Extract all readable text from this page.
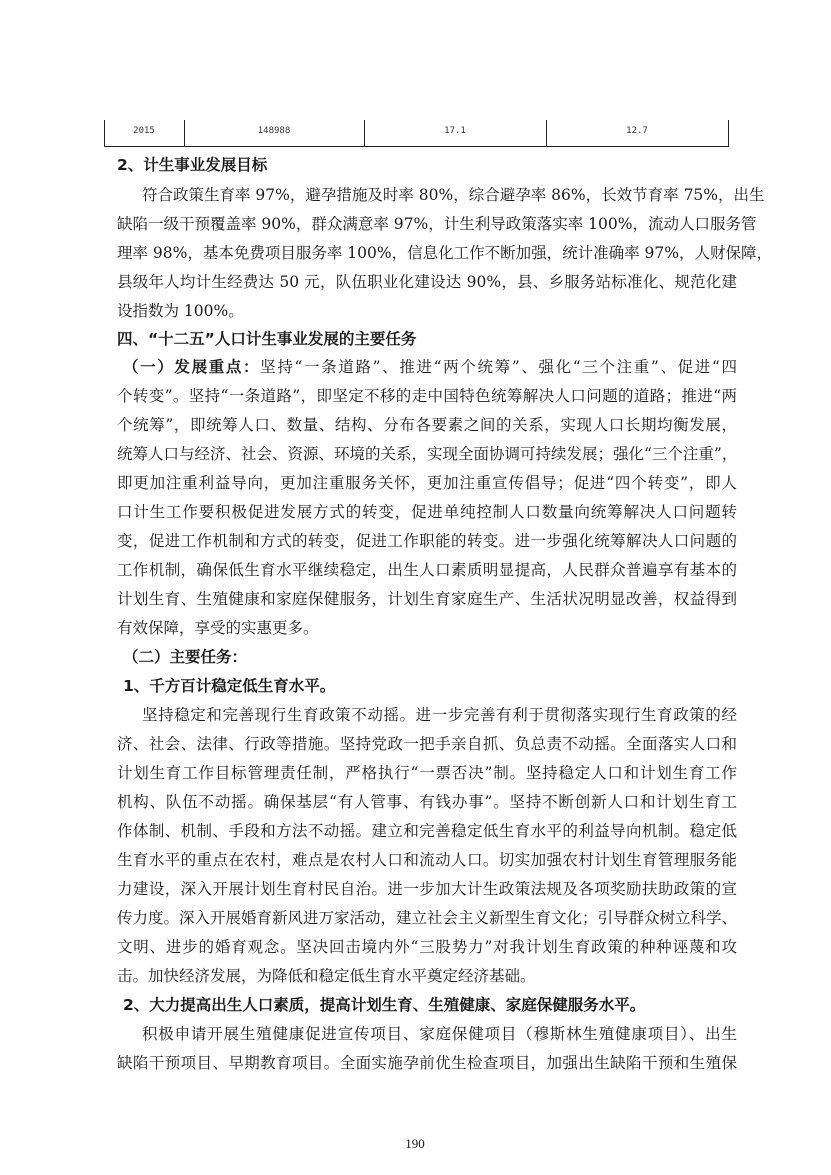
2015	148988	17.1	12.7
2、计生事业发展目标
符合政策生育率 97%，避孕措施及时率 80%，综合避孕率 86%，长效节育率 75%，出生
缺陷一级干预覆盖率 90%，群众满意率 97%，计生利导政策落实率 100%，流动人口服务管
理率 98%，基本免费项目服务率 100%，信息化工作不断加强，统计准确率 97%，人财保障，
县级年人均计生经费达 50 元，队伍职业化建设达 90%，县、乡服务站标准化、规范化建
设指数为 100%。
四、“十二五”人口计生事业发展的主要任务
（一）发展重点：坚持“一条道路”、推进“两个统筹”、强化“三个注重”、促进“四
个转变”。坚持“一条道路”，即坚定不移的走中国特色统筹解决人口问题的道路；推进“两
个统筹”，即统筹人口、数量、结构、分布各要素之间的关系，实现人口长期均衡发展，
统筹人口与经济、社会、资源、环境的关系，实现全面协调可持续发展；强化“三个注重”，
即更加注重利益导向，更加注重服务关怀，更加注重宣传倡导；促进“四个转变”，即人
口计生工作要积极促进发展方式的转变，促进单纯控制人口数量向统筹解决人口问题转
变，促进工作机制和方式的转变，促进工作职能的转变。进一步强化统筹解决人口问题的
工作机制，确保低生育水平继续稳定，出生人口素质明显提高，人民群众普遍享有基本的
计划生育、生殖健康和家庭保健服务，计划生育家庭生产、生活状况明显改善，权益得到
有效保障，享受的实惠更多。
（二）主要任务：
1、千方百计稳定低生育水平。
坚持稳定和完善现行生育政策不动摇。进一步完善有利于贯彻落实现行生育政策的经
济、社会、法律、行政等措施。坚持党政一把手亲自抓、负总责不动摇。全面落实人口和
计划生育工作目标管理责任制，严格执行“一票否决”制。坚持稳定人口和计划生育工作
机构、队伍不动摇。确保基层“有人管事、有钱办事”。坚持不断创新人口和计划生育工
作体制、机制、手段和方法不动摇。建立和完善稳定低生育水平的利益导向机制。稳定低
生育水平的重点在农村，难点是农村人口和流动人口。切实加强农村计划生育管理服务能
力建设，深入开展计划生育村民自治。进一步加大计生政策法规及各项奖励扶助政策的宣
传力度。深入开展婚育新风进万家活动，建立社会主义新型生育文化；引导群众树立科学、
文明、进步的婚育观念。坚决回击境内外“三股势力”对我计划生育政策的种种诬蔑和攻
击。加快经济发展，为降低和稳定低生育水平奠定经济基础。
2、大力提高出生人口素质，提高计划生育、生殖健康、家庭保健服务水平。
积极申请开展生殖健康促进宣传项目、家庭保健项目（穆斯林生殖健康项目）、出生
缺陷干预项目、早期教育项目。全面实施孕前优生检查项目，加强出生缺陷干预和生殖保
190
